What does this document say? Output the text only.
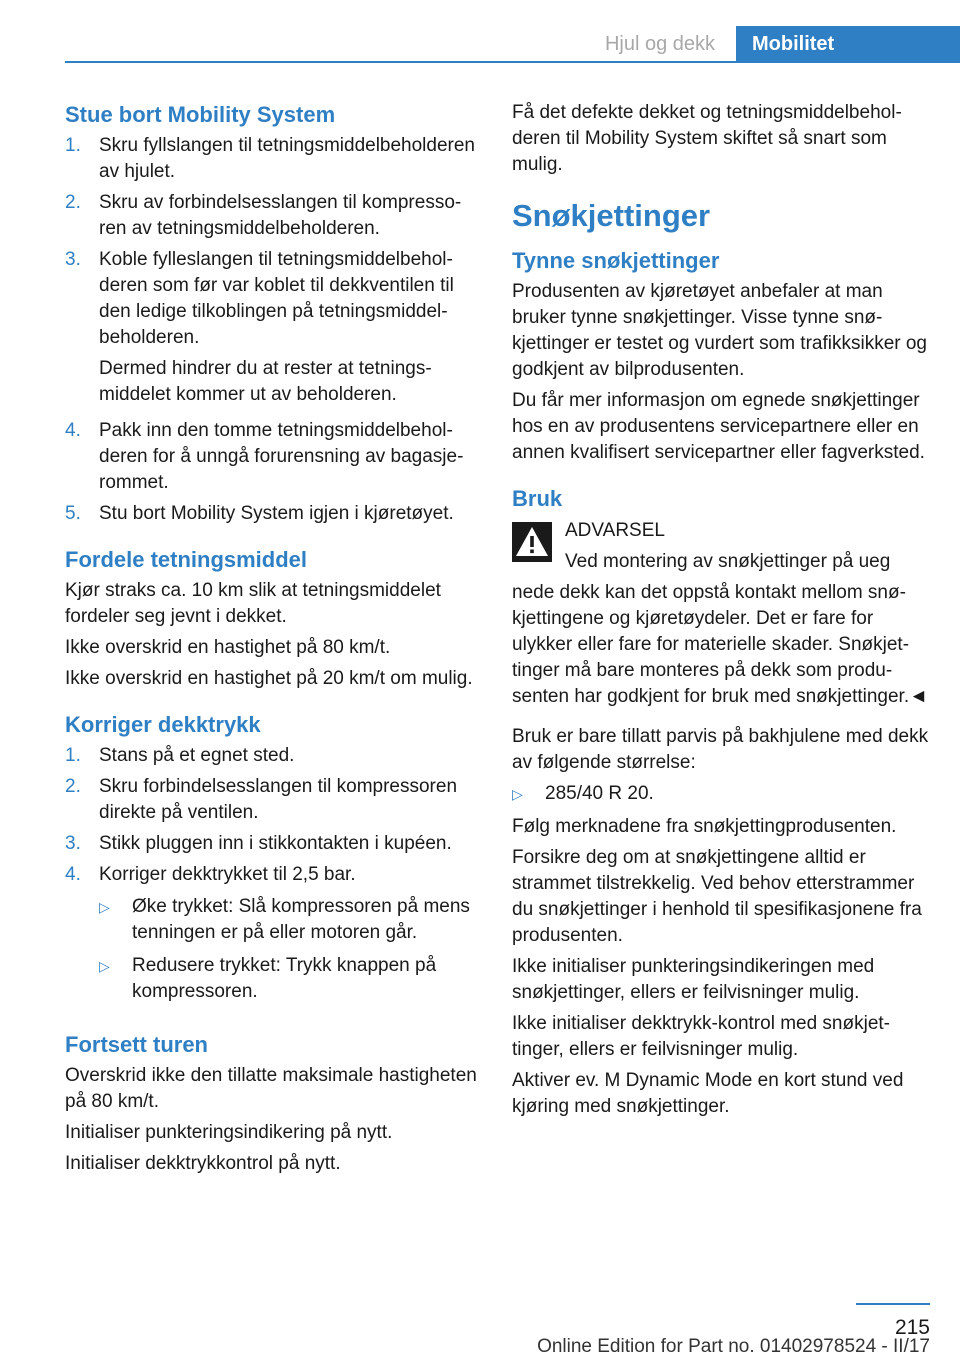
Hjul og dekk	Mobilitet
Stue bort Mobility System
1. Skru fyllslangen til tetningsmiddelbeholderen av hjulet.
2. Skru av forbindelsesslangen til kompressoren av tetningsmiddelbeholderen.
3. Koble fylleslangen til tetningsmiddelbeholderen som før var koblet til dekkventilen til den ledige tilkoblingen på tetningsmiddelbeholderen.

Dermed hindrer du at rester at tetningsmiddelet kommer ut av beholderen.

4. Pakk inn den tomme tetningsmiddelbeholderen for å unngå forurensning av bagasjerommet.
5. Stu bort Mobility System igjen i kjøretøyet.
Fordele tetningsmiddel

Kjør straks ca. 10 km slik at tetningsmiddelet fordeler seg jevnt i dekket.

Ikke overskrid en hastighet på 80 km/t.

Ikke overskrid en hastighet på 20 km/t om mulig.

Korriger dekktrykk
1. Stans på et egnet sted.
2. Skru forbindelsesslangen til kompressoren direkte på ventilen.
3. Stikk pluggen inn i stikkontakten i kupéen.
4. Korriger dekktrykket til 2,5 bar.

▷	Øke trykket: Slå kompressoren på mens tenningen er på eller motoren går.
▷	Redusere trykket: Trykk knappen på kompressoren.
Fortsett turen

Overskrid ikke den tillatte maksimale hastigheten på 80 km/t.

Initialiser punkteringsindikering på nytt.

Initialiser dekktrykkontrol på nytt.

Få det defekte dekket og tetningsmiddelbeholderen til Mobility System skiftet så snart som mulig.

Snøkjettinger
Tynne snøkjettinger

Produsenten av kjøretøyet anbefaler at man bruker tynne snøkjettinger. Visse tynne snøkjettinger er testet og vurdert som trafikksikker og godkjent av bilprodusenten.

Du får mer informasjon om egnede snøkjettinger hos en av produsentens servicepartnere eller en annen kvalifisert servicepartner eller fagverksted.

Bruk

ADVARSEL

Ved montering av snøkjettinger på ueg

nede dekk kan det oppstå kontakt mellom snøkjettingene og kjøretøydeler. Det er fare for ulykker eller fare for materielle skader. Snøkjettinger må bare monteres på dekk som produsenten har godkjent for bruk med snøkjettinger.◄

Bruk er bare tillatt parvis på bakhjulene med dekk av følgende størrelse:

▷	285/40 R 20.

Følg merknadene fra snøkjettingprodusenten.

Forsikre deg om at snøkjettingene alltid er strammet tilstrekkelig. Ved behov etterstrammer du snøkjettinger i henhold til spesifikasjonene fra produsenten.

Ikke initialiser punkteringsindikeringen med snøkjettinger, ellers er feilvisninger mulig.

Ikke initialiser dekktrykk-kontrol med snøkjettinger, ellers er feilvisninger mulig.

Aktiver ev. M Dynamic Mode en kort stund ved kjøring med snøkjettinger.

215
Online Edition for Part no. 01402978524 - II/17
